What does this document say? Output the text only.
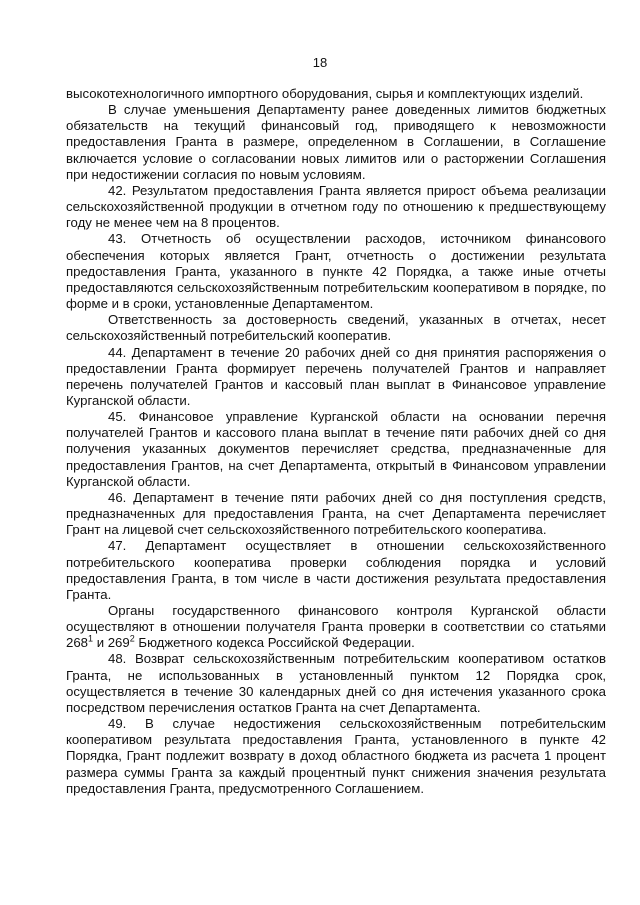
18

высокотехнологичного импортного оборудования, сырья и комплектующих изделий.

В случае уменьшения Департаменту ранее доведенных лимитов бюджетных обязательств на текущий финансовый год, приводящего к невозможности предоставления Гранта в размере, определенном в Соглашении, в Соглашение включается условие о согласовании новых лимитов или о расторжении Соглашения при недостижении согласия по новым условиям.

42. Результатом предоставления Гранта является прирост объема реализации сельскохозяйственной продукции в отчетном году по отношению к предшествующему году не менее чем на 8 процентов.

43. Отчетность об осуществлении расходов, источником финансового обеспечения которых является Грант, отчетность о достижении результата предоставления Гранта, указанного в пункте 42 Порядка, а также иные отчеты предоставляются сельскохозяйственным потребительским кооперативом в порядке, по форме и в сроки, установленные Департаментом.

Ответственность за достоверность сведений, указанных в отчетах, несет сельскохозяйственный потребительский кооператив.

44. Департамент в течение 20 рабочих дней со дня принятия распоряжения о предоставлении Гранта формирует перечень получателей Грантов и направляет перечень получателей Грантов и кассовый план выплат в Финансовое управление Курганской области.

45. Финансовое управление Курганской области на основании перечня получателей Грантов и кассового плана выплат в течение пяти рабочих дней со дня получения указанных документов перечисляет средства, предназначенные для предоставления Грантов, на счет Департамента, открытый в Финансовом управлении Курганской области.

46. Департамент в течение пяти рабочих дней со дня поступления средств, предназначенных для предоставления Гранта, на счет Департамента перечисляет Грант на лицевой счет сельскохозяйственного потребительского кооператива.

47. Департамент осуществляет в отношении сельскохозяйственного потребительского кооператива проверки соблюдения порядка и условий предоставления Гранта, в том числе в части достижения результата предоставления Гранта.

Органы государственного финансового контроля Курганской области осуществляют в отношении получателя Гранта проверки в соответствии со статьями $268^1$ и $269^2$ Бюджетного кодекса Российской Федерации.

48. Возврат сельскохозяйственным потребительским кооперативом остатков Гранта, не использованных в установленный пунктом 12 Порядка срок, осуществляется в течение 30 календарных дней со дня истечения указанного срока посредством перечисления остатков Гранта на счет Департамента.

49. В случае недостижения сельскохозяйственным потребительским кооперативом результата предоставления Гранта, установленного в пункте 42 Порядка, Грант подлежит возврату в доход областного бюджета из расчета 1 процент размера суммы Гранта за каждый процентный пункт снижения значения результата предоставления Гранта, предусмотренного Соглашением.
